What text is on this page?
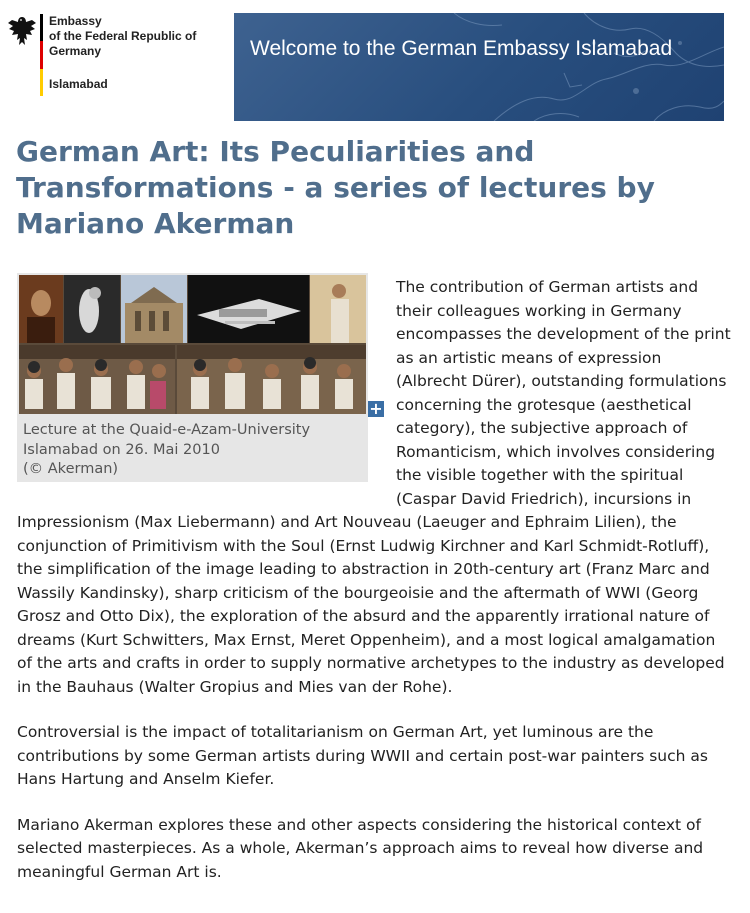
Embassy
of the Federal Republic of
Germany
Islamabad
Welcome to the German Embassy Islamabad
German Art: Its Peculiarities and Transformations - a series of lectures by Mariano Akerman
+
Lecture at the Quaid-e-Azam-University Islamabad on 26. Mai 2010
(© Akerman)

The contribution of German artists and their colleagues working in Germany encompasses the development of the print as an artistic means of expression (Albrecht Dürer), outstanding formulations concerning the grotesque (aesthetical category), the subjective approach of Romanticism, which involves considering the visible together with the spiritual (Caspar David Friedrich), incursions in Impressionism (Max Liebermann) and Art Nouveau (Laeuger and Ephraim Lilien), the conjunction of Primitivism with the Soul (Ernst Ludwig Kirchner and Karl Schmidt-Rotluff), the simplification of the image leading to abstraction in 20th-century art (Franz Marc and Wassily Kandinsky), sharp criticism of the bourgeoisie and the aftermath of WWI (Georg Grosz and Otto Dix), the exploration of the absurd and the apparently irrational nature of dreams (Kurt Schwitters, Max Ernst, Meret Oppenheim), and a most logical amalgamation of the arts and crafts in order to supply normative archetypes to the industry as developed in the Bauhaus (Walter Gropius and Mies van der Rohe).

Controversial is the impact of totalitarianism on German Art, yet luminous are the contributions by some German artists during WWII and certain post-war painters such as Hans Hartung and Anselm Kiefer.

Mariano Akerman explores these and other aspects considering the historical context of selected masterpieces. As a whole, Akerman’s approach aims to reveal how diverse and meaningful German Art is.
